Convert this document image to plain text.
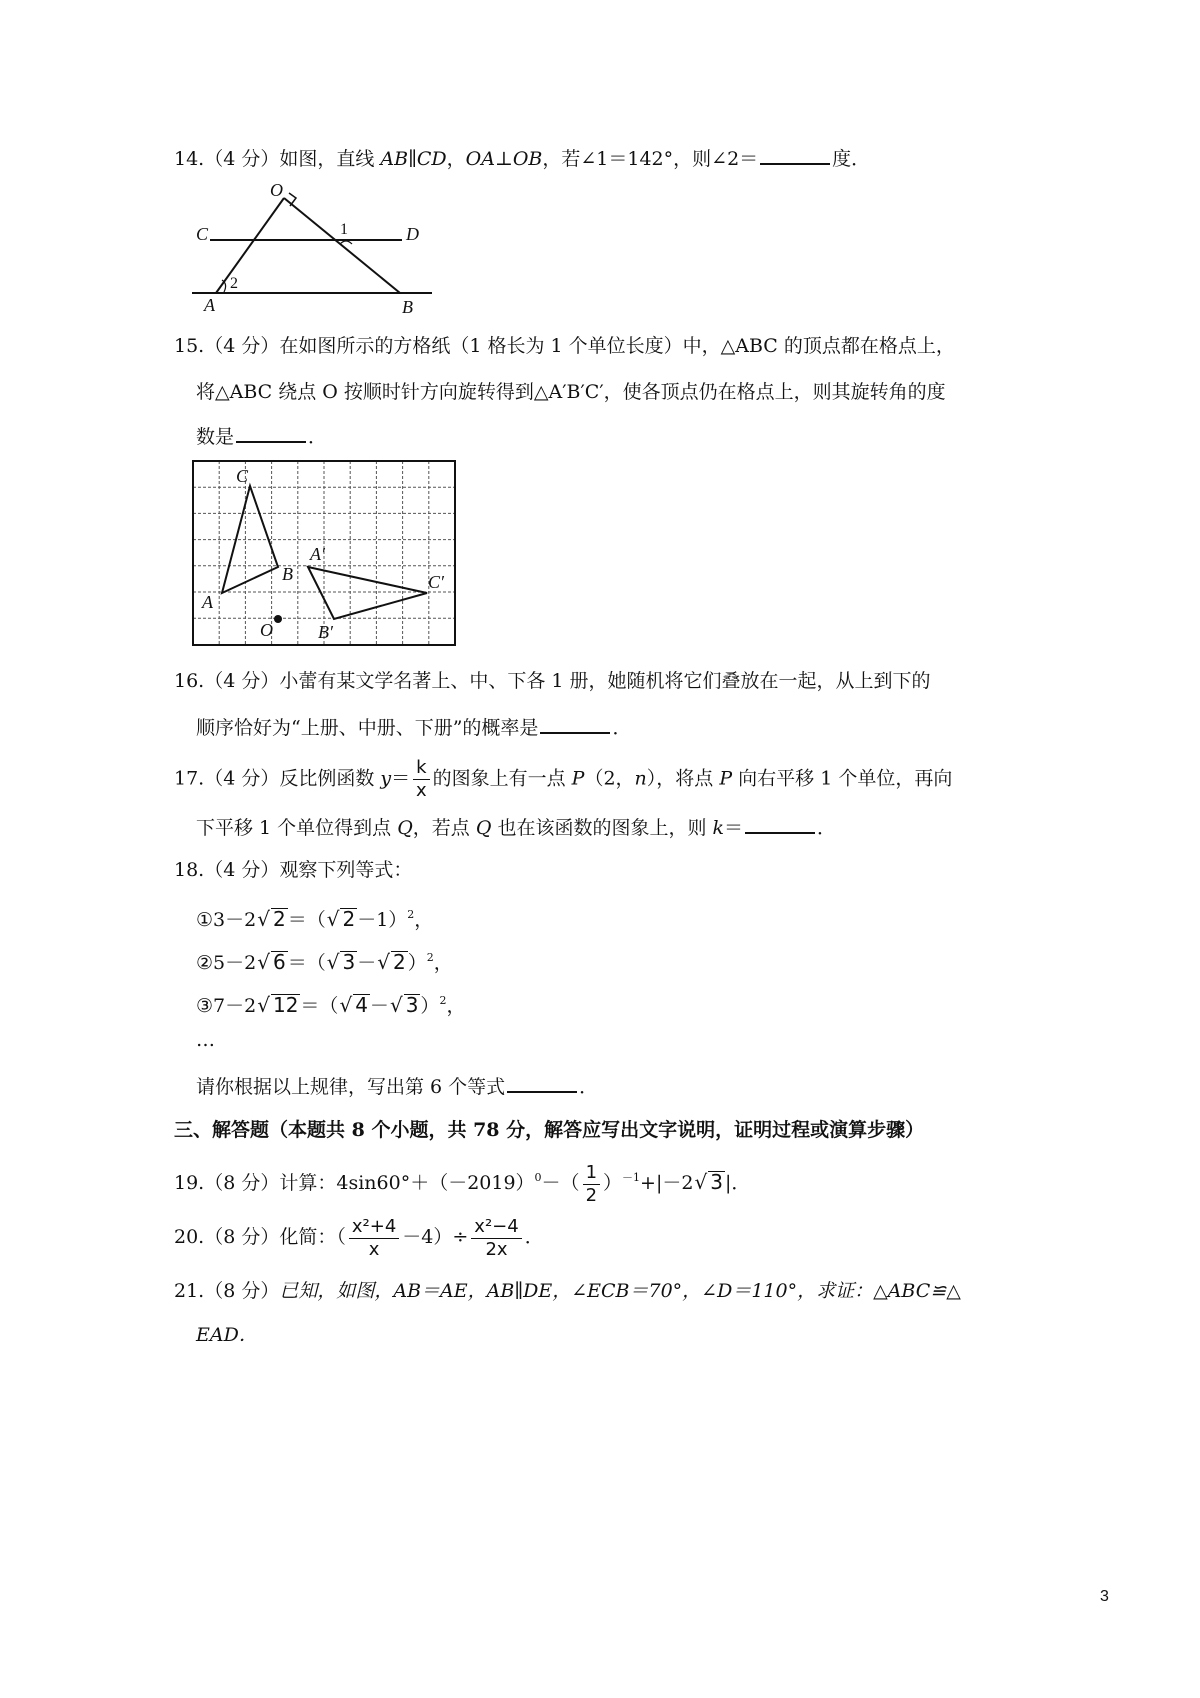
14.（4 分）如图，直线 AB∥CD，OA⊥OB，若∠1＝142°，则∠2＝	度．
O
C	D
A	B
1
2
15.（4 分）在如图所示的方格纸（1 格长为 1 个单位长度）中，△ABC 的顶点都在格点上，
将△ABC 绕点 O 按顺时针方向旋转得到△A′B′C′，使各顶点仍在格点上，则其旋转角的度
数是	．
C
B
A
O
A′
B′
C′
16.（4 分）小蕾有某文学名著上、中、下各 1 册，她随机将它们叠放在一起，从上到下的
顺序恰好为“上册、中册、下册”的概率是	．
17.（4 分）反比例函数 $y= \frac{k}{x}$ 的图象上有一点 P（2，n），将点 P 向右平移 1 个单位，再向
下平移 1 个单位得到点 Q，若点 Q 也在该函数的图象上，则 k＝	．
18.（4 分）观察下列等式：
①3－2√ 2 ＝（√ 2 －1）$^2$，
②5－2√ 6 ＝（√ 3 －√ 2 ）$^2$，
③7－2√ 12 ＝（√ 4 －√ 3 ）$^2$，
…
请你根据以上规律，写出第 6 个等式	．
三、解答题（本题共 8 个小题，共 78 分，解答应写出文字说明，证明过程或演算步骤）
19.（8 分）计算：$4\sin 60^\circ+(-2019)^0-( \frac{1}{2} )^{-1}+|-2√$ 3 |．
20.（8 分）化简：（ $\frac{\text{x²+4}}{x} -4)\div \frac{\text{x²−4}}{2x}$ ．
21.（8 分）已知，如图，AB＝AE，AB∥DE，∠ECB＝70°，∠D＝110°，求证：△ABC≌△
EAD．
3
